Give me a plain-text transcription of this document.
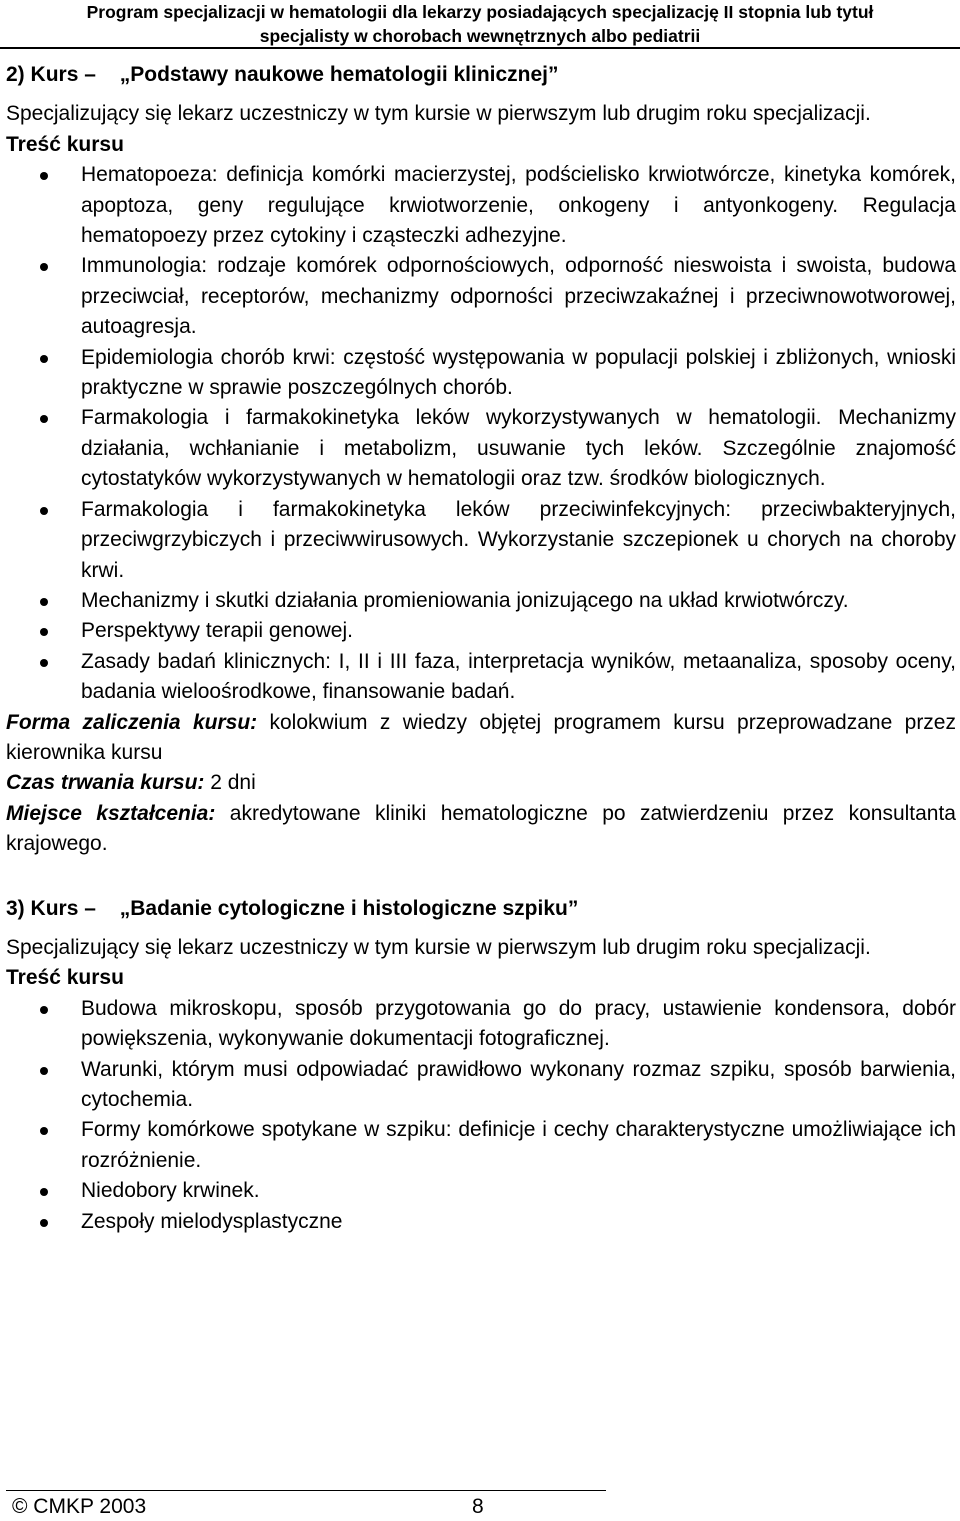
Program specjalizacji w hematologii dla lekarzy posiadających specjalizację II stopnia lub tytuł
specjalisty w chorobach wewnętrznych albo pediatrii

2) Kurs – „Podstawy naukowe hematologii klinicznej”

Specjalizujący się lekarz uczestniczy w tym kursie w pierwszym lub drugim roku specjalizacji.

Treść kursu

Hematopoeza: definicja komórki macierzystej, podścielisko krwiotwórcze, kinetyka komórek, apoptoza, geny regulujące krwiotworzenie, onkogeny i antyonkogeny. Regulacja hematopoezy przez cytokiny i cząsteczki adhezyjne.
Immunologia: rodzaje komórek odpornościowych, odporność nieswoista i swoista, budowa przeciwciał, receptorów, mechanizmy odporności przeciwzakaźnej i przeciwnowotworowej, autoagresja.
Epidemiologia chorób krwi: częstość występowania w populacji polskiej i zbliżonych, wnioski praktyczne w sprawie poszczególnych chorób.
Farmakologia i farmakokinetyka leków wykorzystywanych w hematologii. Mechanizmy działania, wchłanianie i metabolizm, usuwanie tych leków. Szczególnie znajomość cytostatyków wykorzystywanych w hematologii oraz tzw. środków biologicznych.
Farmakologia i farmakokinetyka leków przeciwinfekcyjnych: przeciwbakteryjnych, przeciwgrzybiczych i przeciwwirusowych. Wykorzystanie szczepionek u chorych na choroby krwi.
Mechanizmy i skutki działania promieniowania jonizującego na układ krwiotwórczy.
Perspektywy terapii genowej.
Zasady badań klinicznych: I, II i III faza, interpretacja wyników, metaanaliza, sposoby oceny, badania wieloośrodkowe, finansowanie badań.

Forma zaliczenia kursu: kolokwium z wiedzy objętej programem kursu przeprowadzane przez kierownika kursu

Czas trwania kursu: 2 dni

Miejsce kształcenia: akredytowane kliniki hematologiczne po zatwierdzeniu przez konsultanta krajowego.

3) Kurs – „Badanie cytologiczne i histologiczne szpiku”

Specjalizujący się lekarz uczestniczy w tym kursie w pierwszym lub drugim roku specjalizacji.

Treść kursu

Budowa mikroskopu, sposób przygotowania go do pracy, ustawienie kondensora, dobór powiększenia, wykonywanie dokumentacji fotograficznej.
Warunki, którym musi odpowiadać prawidłowo wykonany rozmaz szpiku, sposób barwienia, cytochemia.
Formy komórkowe spotykane w szpiku: definicje i cechy charakterystyczne umożliwiające ich rozróżnienie.
Niedobory krwinek.
Zespoły mielodysplastyczne
© CMKP 2003	8
